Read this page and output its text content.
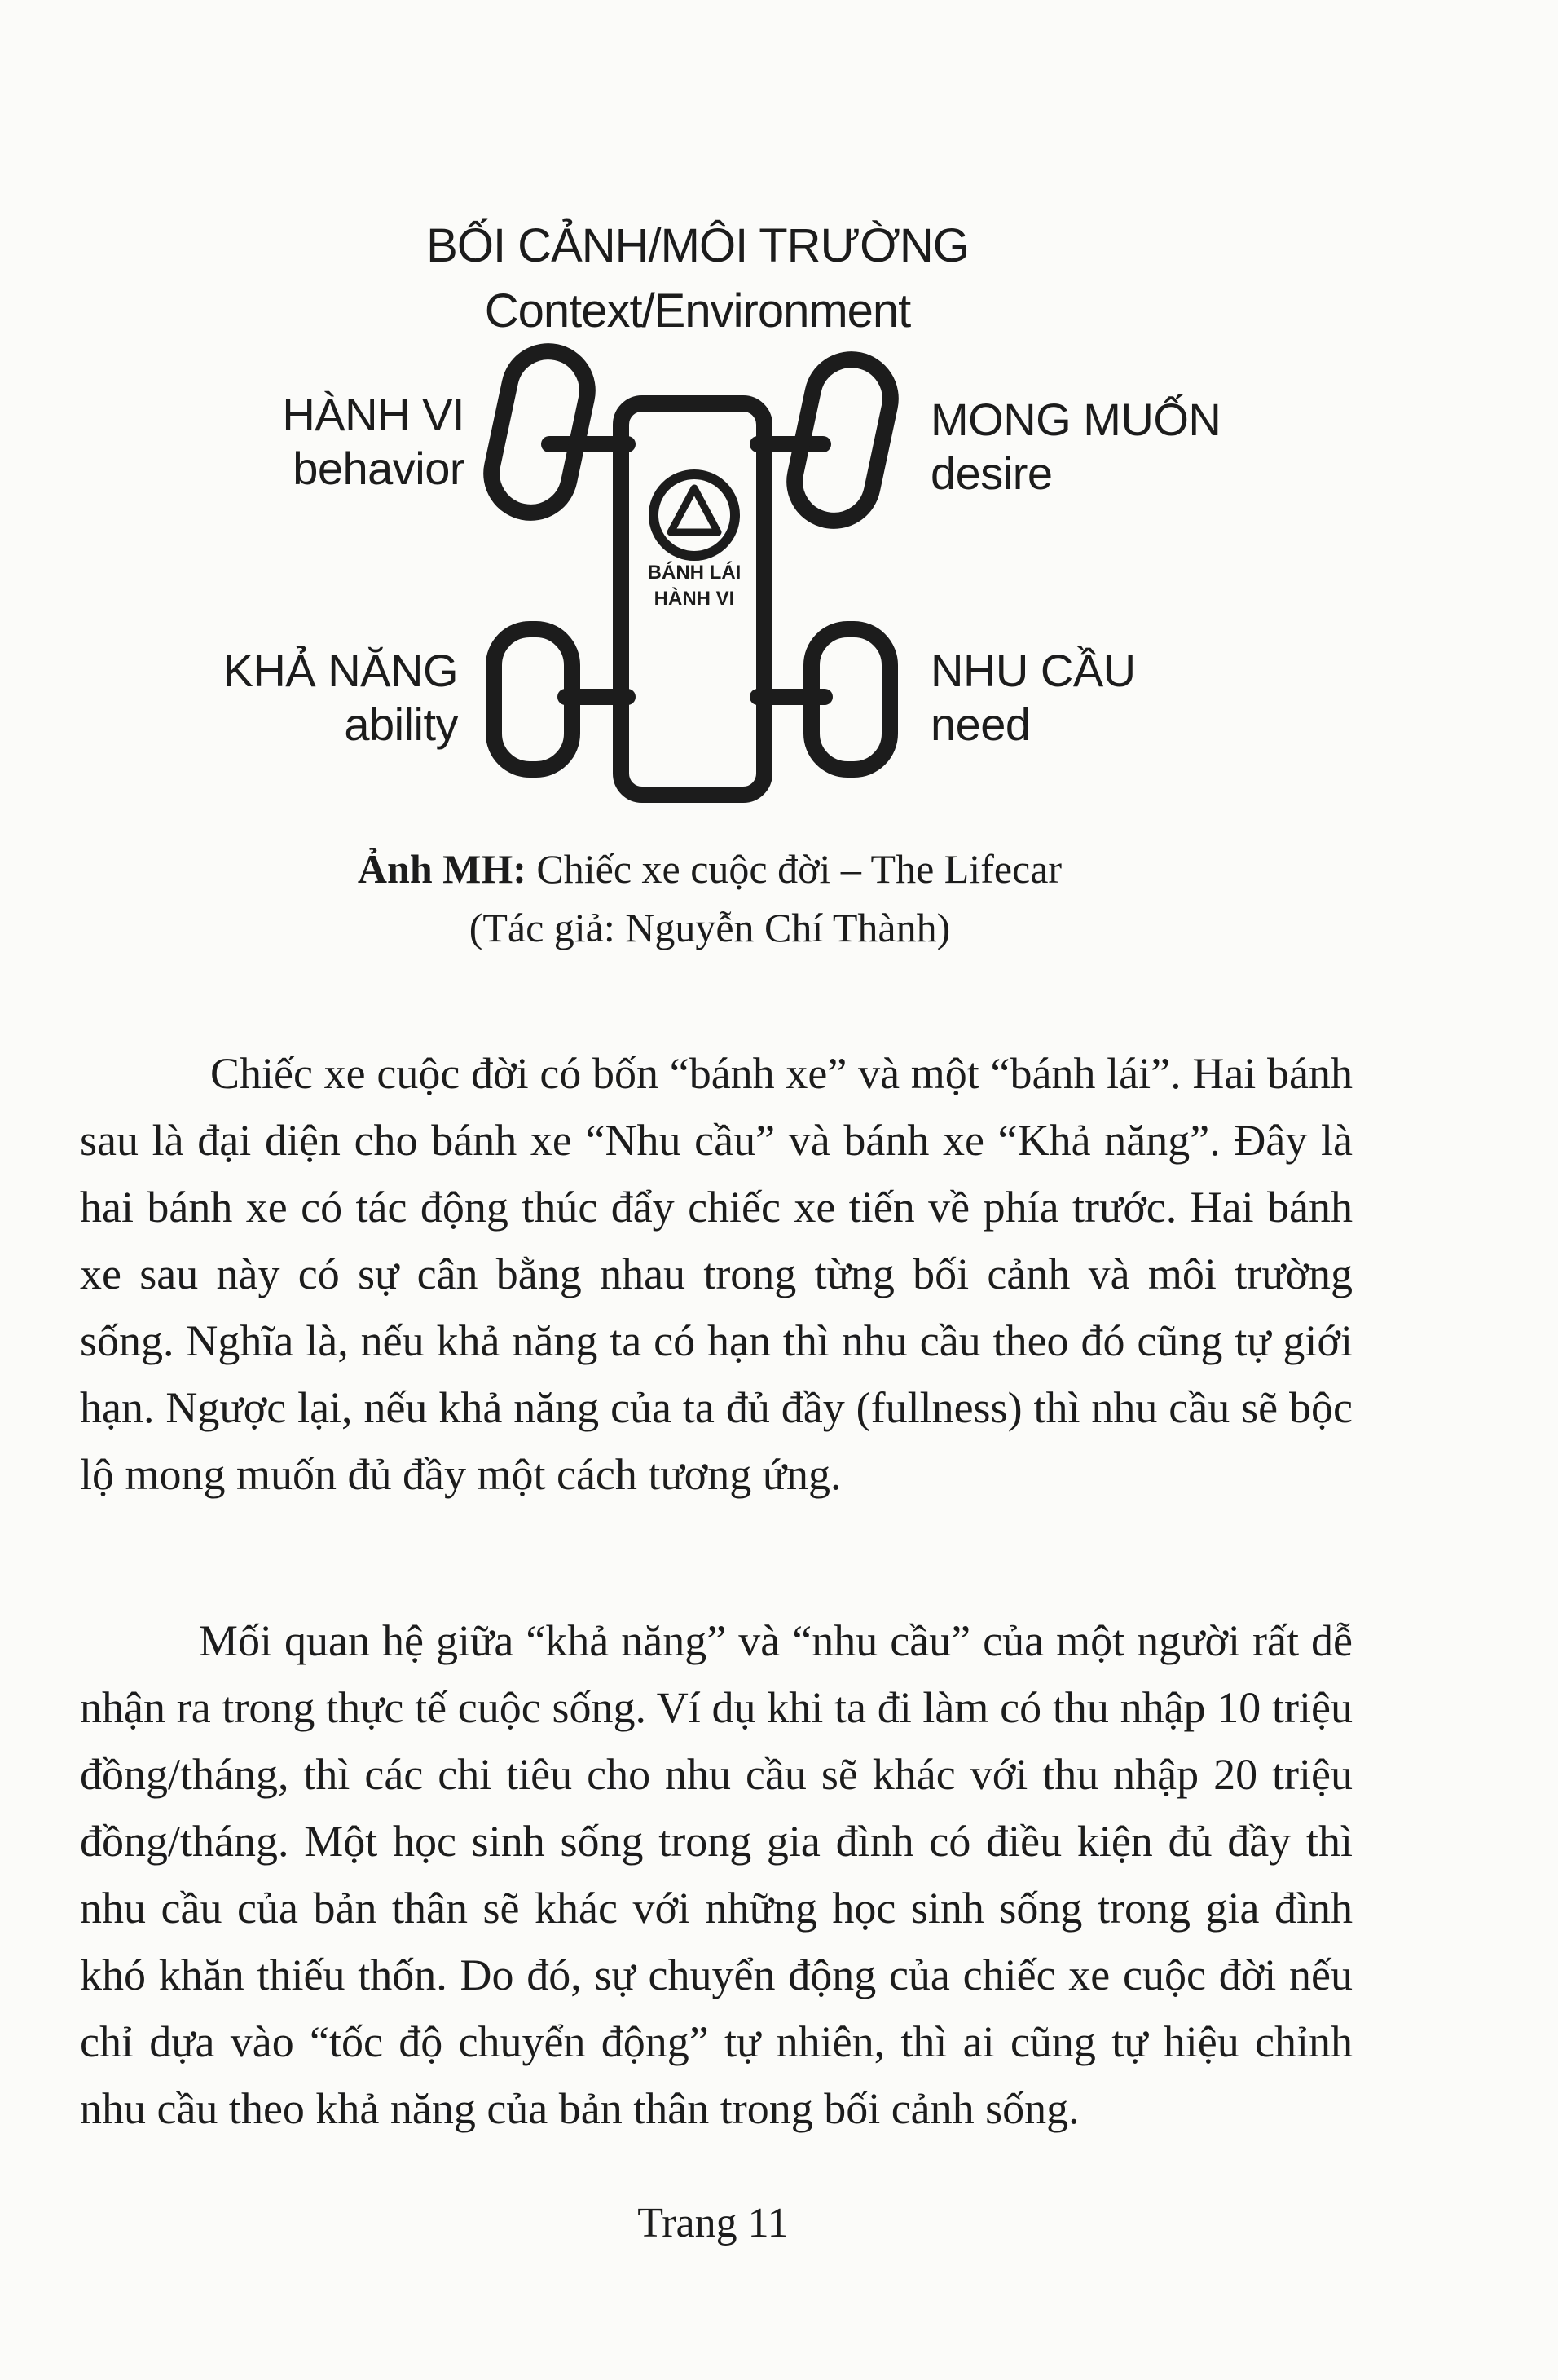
BỐI CẢNH/MÔI TRƯỜNG
Context/Environment
HÀNH VI
behavior
MONG MUỐN
desire
KHẢ NĂNG
ability
NHU CẦU
need
BÁNH LÁI
HÀNH VI
Ảnh MH: Chiếc xe cuộc đời – The Lifecar
(Tác giả: Nguyễn Chí Thành)

Chiếc xe cuộc đời có bốn “bánh xe” và một “bánh lái”. Hai bánh sau là đại diện cho bánh xe “Nhu cầu” và bánh xe “Khả năng”. Đây là hai bánh xe có tác động thúc đẩy chiếc xe tiến về phía trước. Hai bánh xe sau này có sự cân bằng nhau trong từng bối cảnh và môi trường sống. Nghĩa là, nếu khả năng ta có hạn thì nhu cầu theo đó cũng tự giới hạn. Ngược lại, nếu khả năng của ta đủ đầy (fullness) thì nhu cầu sẽ bộc lộ mong muốn đủ đầy một cách tương ứng.

Mối quan hệ giữa “khả năng” và “nhu cầu” của một người rất dễ nhận ra trong thực tế cuộc sống. Ví dụ khi ta đi làm có thu nhập 10 triệu đồng/tháng, thì các chi tiêu cho nhu cầu sẽ khác với thu nhập 20 triệu đồng/tháng. Một học sinh sống trong gia đình có điều kiện đủ đầy thì nhu cầu của bản thân sẽ khác với những học sinh sống trong gia đình khó khăn thiếu thốn. Do đó, sự chuyển động của chiếc xe cuộc đời nếu chỉ dựa vào “tốc độ chuyển động” tự nhiên, thì ai cũng tự hiệu chỉnh nhu cầu theo khả năng của bản thân trong bối cảnh sống.

Trang 11
